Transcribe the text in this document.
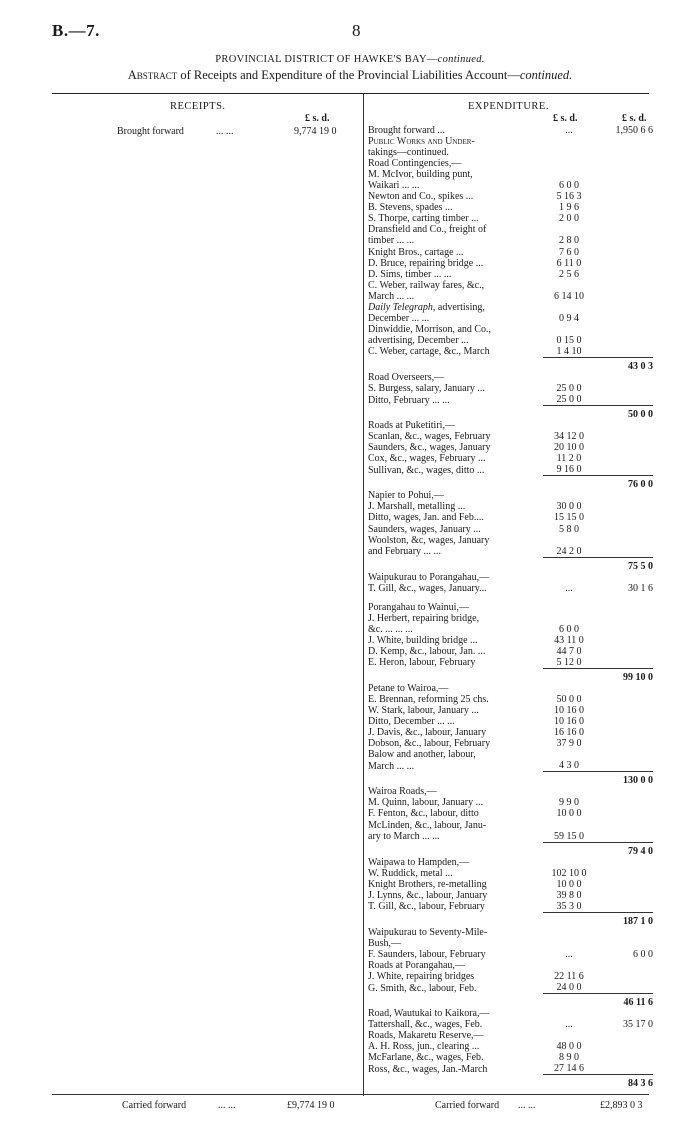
B.—7.	8
PROVINCIAL DISTRICT OF HAWKE'S BAY—continued.
Abstract of Receipts and Expenditure of the Provincial Liabilities Account—continued.
RECEIPTS.
£ s. d.
Brought forward	... ...	9,774 19 0
EXPENDITURE.
£ s. d.	£ s. d.
Brought forward ...	...	1,950 6 6
Public Works and Under-		
takings—continued.		
Road Contingencies,—		
M. McIvor, building punt,		
Waikari ... ...	6 0 0	
Newton and Co., spikes ...	5 16 3	
B. Stevens, spades ...	1 9 6	
S. Thorpe, carting timber ...	2 0 0	
Dransfield and Co., freight of		
timber ... ...	2 8 0	
Knight Bros., cartage ...	7 6 0	
D. Bruce, repairing bridge ...	6 11 0	
D. Sims, timber ... ...	2 5 6	
C. Weber, railway fares, &c.,		
March ... ...	6 14 10	
Daily Telegraph, advertising,		
December ... ...	0 9 4	
Dinwiddie, Morrison, and Co.,		
advertising, December ...	0 15 0	
C. Weber, cartage, &c., March	1 4 10	
		43 0 3
Road Overseers,—		
S. Burgess, salary, January ...	25 0 0	
Ditto, February ... ...	25 0 0	
		50 0 0
Roads at Puketitiri,—		
Scanlan, &c., wages, February	34 12 0	
Saunders, &c., wages, January	20 10 0	
Cox, &c., wages, February ...	11 2 0	
Sullivan, &c., wages, ditto ...	9 16 0	
		76 0 0
Napier to Pohui,—		
J. Marshall, metalling ...	30 0 0	
Ditto, wages, Jan. and Feb....	15 15 0	
Saunders, wages, January ...	5 8 0	
Woolston, &c, wages, January		
and February ... ...	24 2 0	
		75 5 0
Waipukurau to Porangahau,—		
T. Gill, &c., wages, January...	...	30 1 6

Porangahau to Wainui,—		
J. Herbert, repairing bridge,		
&c. ... ... ...	6 0 0	
J. White, building bridge ...	43 11 0	
D. Kemp, &c., labour, Jan. ...	44 7 0	
E. Heron, labour, February	5 12 0	
		99 10 0
Petane to Wairoa,—		
E. Brennan, reforming 25 chs.	50 0 0	
W. Stark, labour, January ...	10 16 0	
Ditto, December ... ...	10 16 0	
J. Davis, &c., labour, January	16 16 0	
Dobson, &c., labour, February	37 9 0	
Balow and another, labour,		
March ... ...	4 3 0	
		130 0 0
Wairoa Roads,—		
M. Quinn, labour, January ...	9 9 0	
F. Fenton, &c., labour, ditto	10 0 0	
McLinden, &c., labour, Janu-		
ary to March ... ...	59 15 0	
		79 4 0
Waipawa to Hampden,—		
W. Ruddick, metal ...	102 10 0	
Knight Brothers, re-metalling	10 0 0	
J. Lynns, &c., labour, January	39 8 0	
T. Gill, &c., labour, February	35 3 0	
		187 1 0
Waipukurau to Seventy-Mile-		
Bush,—		
F. Saunders, labour, February	...	6 0 0
Roads at Porangahau,—		
J. White, repairing bridges	22 11 6	
G. Smith, &c., labour, Feb.	24 0 0	
		46 11 6
Road, Wautukai to Kaikora,—		
Tattershall, &c., wages, Feb.	...	35 17 0
Roads, Makaretu Reserve,—		
A. H. Ross, jun., clearing ...	48 0 0	
McFarlane, &c., wages, Feb.	8 9 0	
Ross, &c., wages, Jan.-March	27 14 6	
		84 3 6
Carried forward	... ...	£9,774 19 0	Carried forward ... ...	£2,893 0 3
